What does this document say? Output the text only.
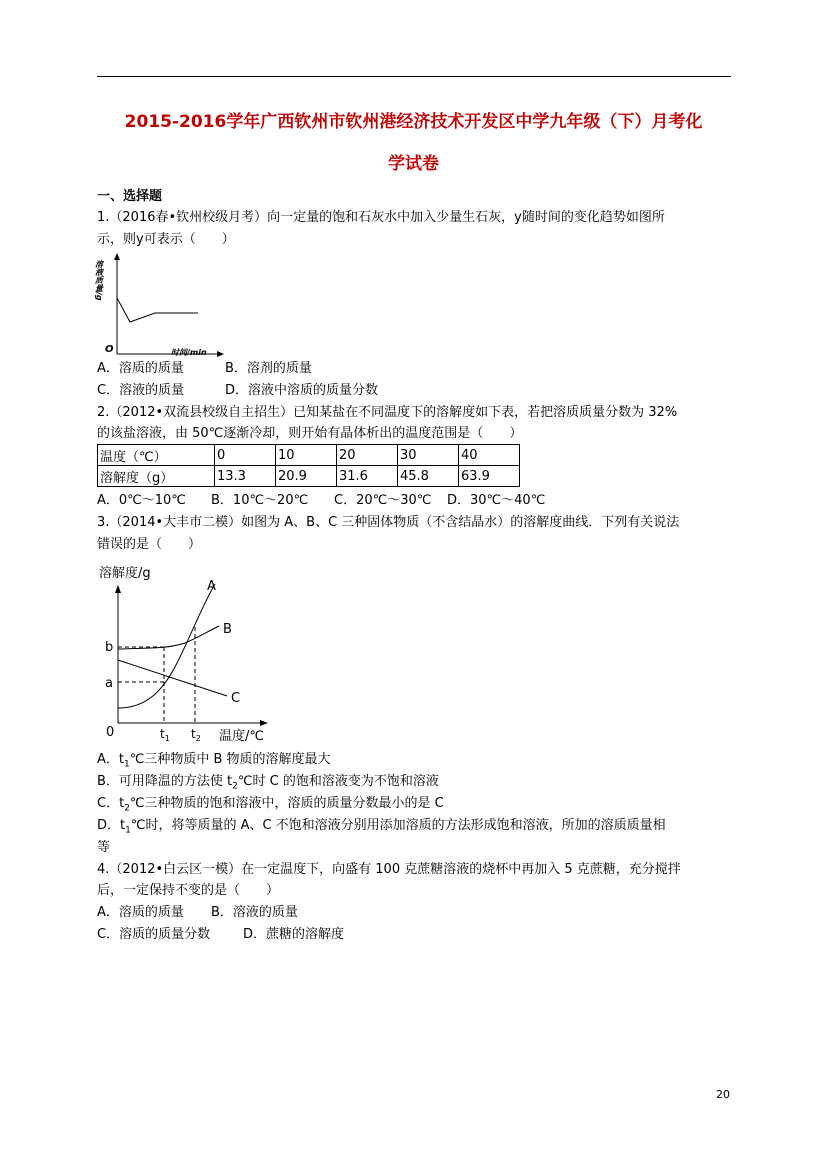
2015-2016学年广西钦州市钦州港经济技术开发区中学九年级（下）月考化
学试卷
一、选择题
1.（2016春•钦州校级月考）向一定量的饱和石灰水中加入少量生石灰，y随时间的变化趋势如图所
示，则y可表示（　　）
溶液质量/g
O	时间/min
A．溶质的质量	B．溶剂的质量
C．溶液的质量	D．溶液中溶质的质量分数
2.（2012•双流县校级自主招生）已知某盐在不同温度下的溶解度如下表，若把溶质质量分数为 32%
的该盐溶液，由 50℃逐渐冷却，则开始有晶体析出的温度范围是（　　）
温度（℃）	0	10	20	30	40
溶解度（g）	13.3	20.9	31.6	45.8	63.9
A．0℃～10℃ B．10℃～20℃ C．20℃～30℃ D．30℃～40℃
3.（2014•大丰市二模）如图为 A、B、C 三种固体物质（不含结晶水）的溶解度曲线．下列有关说法
错误的是（　　）
溶解度/g
0
b
a
$t_1$ $t_2$ 温度/℃
A
B
C
A．$t_1℃$三种物质中 B 物质的溶解度最大
B．可用降温的方法使 $t_2℃$时 C 的饱和溶液变为不饱和溶液
C．$t_2℃$三种物质的饱和溶液中，溶质的质量分数最小的是 C
D．$t_1℃$时，将等质量的 A、C 不饱和溶液分别用添加溶质的方法形成饱和溶液，所加的溶质质量相
等
4.（2012•白云区一模）在一定温度下，向盛有 100 克蔗糖溶液的烧杯中再加入 5 克蔗糖，充分搅拌
后，一定保持不变的是（　　）
A．溶质的质量 B．溶液的质量
C．溶质的质量分数	D．蔗糖的溶解度
20
